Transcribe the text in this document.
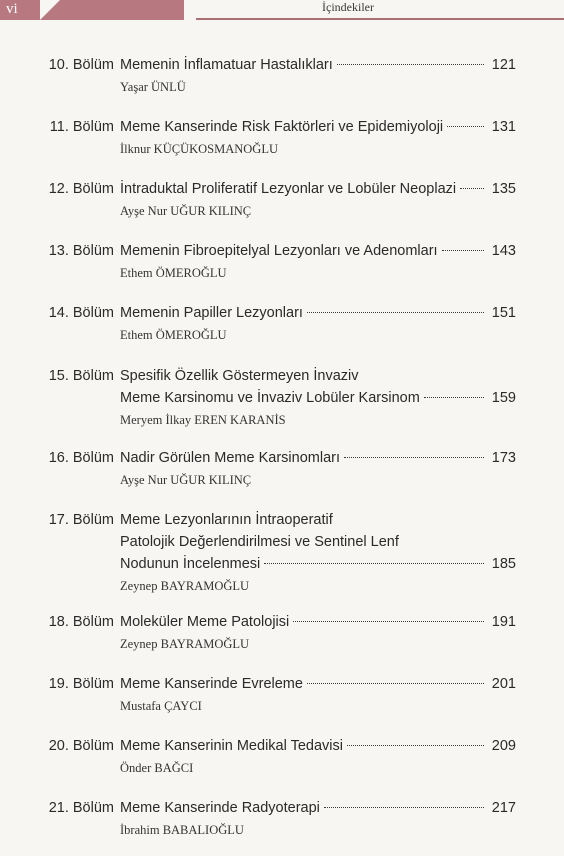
vi	İçindekiler
10. Bölüm Memenin İnflamatuar Hastalıkları	121
Yaşar ÜNLÜ
11. Bölüm Meme Kanserinde Risk Faktörleri ve Epidemiyoloji	131
İlknur KÜÇÜKOSMANOĞLU
12. Bölüm İntraduktal Proliferatif Lezyonlar ve Lobüler Neoplazi 135
Ayşe Nur UĞUR KILINÇ
13. Bölüm Memenin Fibroepitelyal Lezyonları ve Adenomları	143
Ethem ÖMEROĞLU
14. Bölüm Memenin Papiller Lezyonları	151
Ethem ÖMEROĞLU
15. Bölüm Spesifik Özellik Göstermeyen İnvaziv
Meme Karsinomu ve İnvaziv Lobüler Karsinom	159
Meryem İlkay EREN KARANİS
16. Bölüm Nadir Görülen Meme Karsinomları	173
Ayşe Nur UĞUR KILINÇ
17. Bölüm Meme Lezyonlarının İntraoperatif
Patolojik Değerlendirilmesi ve Sentinel Lenf
Nodunun İncelenmesi	185
Zeynep BAYRAMOĞLU
18. Bölüm Moleküler Meme Patolojisi	191
Zeynep BAYRAMOĞLU
19. Bölüm Meme Kanserinde Evreleme	201
Mustafa ÇAYCI
20. Bölüm Meme Kanserinin Medikal Tedavisi	209
Önder BAĞCI
21. Bölüm Meme Kanserinde Radyoterapi	217
İbrahim BABALIOĞLU
